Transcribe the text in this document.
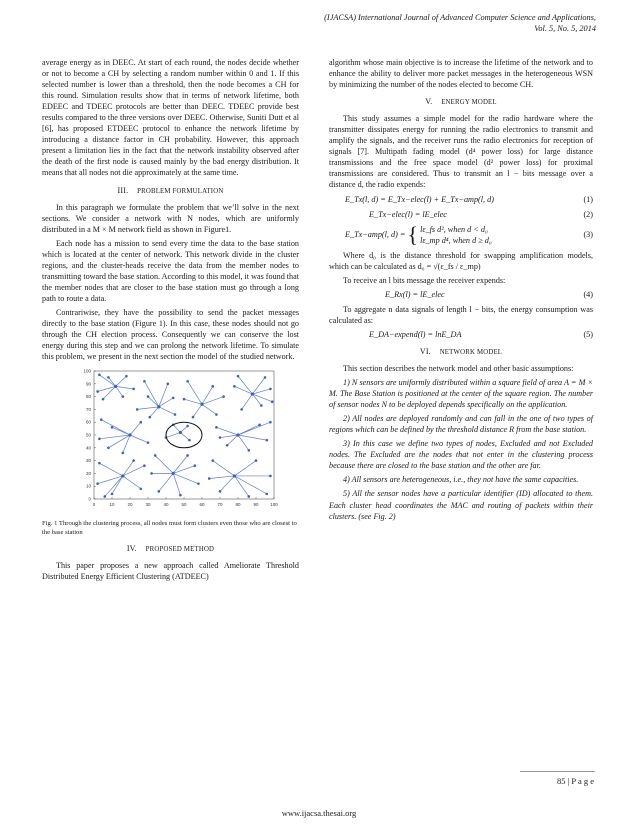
(IJACSA) International Journal of Advanced Computer Science and Applications,
Vol. 5, No. 5, 2014

average energy as in DEEC. At start of each round, the nodes decide whether or not to become a CH by selecting a random number within 0 and 1. If this selected number is lower than a threshold, then the node becomes a CH for this round. Simulation results show that in terms of network lifetime, both EDEEC and TDEEC protocols are better than DEEC. TDEEC provide best results compared to the three versions over DEEC. Otherwise, Suniti Dutt et al [6], has proposed ETDEEC protocol to enhance the network lifetime by introducing a distance factor in CH probability. However, this approach present a limitation lies in the fact that the network instability observed after the death of the first node is caused mainly by the bad energy distribution. It means that all nodes not die approximately at the same time.

III. PROBLEM FORMULATION

In this paragraph we formulate the problem that we’ll solve in the next sections. We consider a network with N nodes, which are uniformly distributed in a M × M network field as shown in Figure1.

Each node has a mission to send every time the data to the base station which is located at the center of network. This network divide in the cluster regions, and the cluster-heads receive the data from the member nodes to transmitting toward the base station. According to this model, it was found that the member nodes that are closer to the base station must go through a long path to route a data.

Contrariwise, they have the possibility to send the packet messages directly to the base station (Figure 1). In this case, these nodes should not go through the CH election process. Consequently we can conserve the lost energy during this step and we can prolong the network lifetime. To simulate this problem, we present in the next section the model of the studied network.

0	10	20	30	40	50	60	70	80	90	100
0
10
20
30
40
50
60
70
80
90
100
Fig. 1 Through the clustering process, all nodes must form clusters even those who are closest to the base station
IV. PROPOSED METHOD

This paper proposes a new approach called Ameliorate Threshold Distributed Energy Efficient Clustering (ATDEEC)

algorithm whose main objective is to increase the lifetime of the network and to enhance the ability to deliver more packet messages in the heterogeneous WSN by minimizing the number of the nodes elected to become CH.

V. ENERGY MODEL

This study assumes a simple model for the radio hardware where the transmitter dissipates energy for running the radio electronics to transmit and amplify the signals, and the receiver runs the radio electronics for reception of signals [7]. Multipath fading model (d⁴ power loss) for large distance transmissions and the free space model (d² power loss) for proximal transmissions are considered. Thus to transmit an l − bits message over a distance d, the radio expends:

E_Tx(l, d) = E_Tx−elec(l) + E_Tx−amp(l, d)	(1)
E_Tx−elec(l) = lE_elec	(2)
E_Tx−amp(l, d) = { lε_fs d², when d < d₀
lε_mp d⁴, when d ≥ d₀
(3)

Where d₀ is the distance threshold for swapping amplification models, which can be calculated as d₀ = √(ε_fs / ε_mp)

To receive an l bits message the receiver expends:

E_Rx(l) = lE_elec	(4)

To aggregate n data signals of length l − bits, the energy consumption was calculated as:

E_DA−expend(l) = lnE_DA	(5)
VI. NETWORK MODEL

This section describes the network model and other basic assumptions:

1) N sensors are uniformly distributed within a square field of area A = M × M. The Base Station is positioned at the center of the square region. The number of sensor nodes N to be deployed depends specifically on the application.

2) All nodes are deployed randomly and can fall in the one of two types of regions which can be defined by the threshold distance R from the base station.

3) In this case we define two types of nodes, Excluded and not Excluded nodes. The Excluded are the nodes that not enter in the clustering process because there are closed to the base station and the other are far.

4) All sensors are heterogeneous, i.e., they not have the same capacities.

5) All the sensor nodes have a particular identifier (ID) allocated to them. Each cluster head coordinates the MAC and routing of packets within their clusters. (see Fig. 2)

85 | P a g e
www.ijacsa.thesai.org
